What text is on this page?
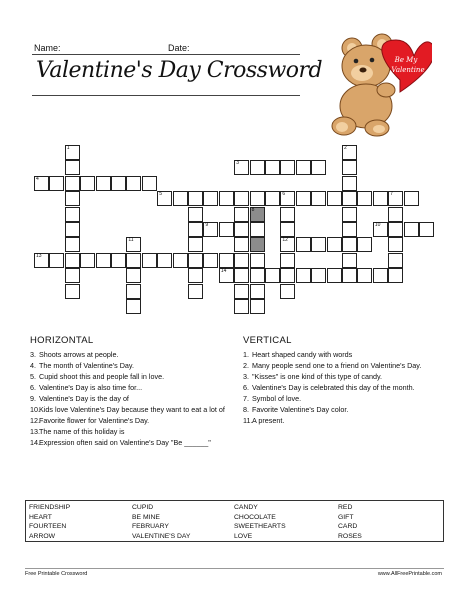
Name:	Date:
Valentine's Day Crossword	Be My
Valentine
1
3
4
5	6	7
8
2
12
9	10
11
13
14
HORIZONTAL
3. Shoots arrows at people.
4. The month of Valentine's Day.
5. Cupid shoot this and people fall in love.
6. Valentine's Day is also time for...
9. Valentine's Day is the day of
10. Kids love Valentine's Day because they want to eat a lot of
12. Favorite flower for Valentine's Day.
13. The name of this holiday is
14. Expression often said on Valentine's Day "Be ______"
VERTICAL
1. Heart shaped candy with words
2. Many people send one to a friend on Valentine's Day.
3. "Kisses" is one kind of this type of candy.
6. Valentine's Day is celebrated this day of the month.
7. Symbol of love.
8. Favorite Valentine's Day color.
11. A present.
FRIENDSHIP
HEART
FOURTEEN
ARROW
CUPID
BE MINE
FEBRUARY
VALENTINE'S DAY
CANDY
CHOCOLATE
SWEETHEARTS
LOVE
RED
GIFT
CARD
ROSES
Free Printable Crossword	www.AllFreePrintable.com
